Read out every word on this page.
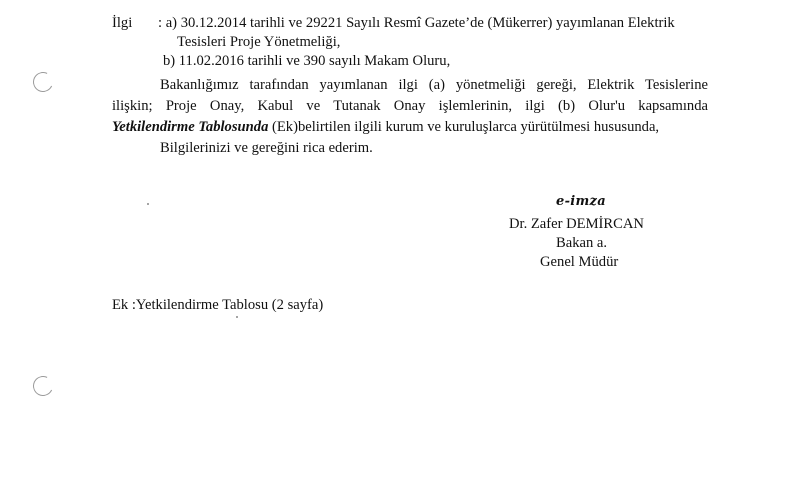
İlgi : a) 30.12.2014 tarihli ve 29221 Sayılı Resmî Gazete’de (Mükerrer) yayımlanan Elektrik
Tesisleri Proje Yönetmeliği,
b) 11.02.2016 tarihli ve 390 sayılı Makam Oluru,
Bakanlığımız tarafından yayımlanan ilgi (a) yönetmeliği gereği, Elektrik Tesislerine
ilişkin; Proje Onay, Kabul ve Tutanak Onay işlemlerinin, ilgi (b) Olur'u kapsamında
Yetkilendirme Tablosunda (Ek)belirtilen ilgili kurum ve kuruluşlarca yürütülmesi hususunda,
Bilgilerinizi ve gereğini rica ederim.
e-imza
Dr. Zafer DEMİRCAN
Bakan a.
Genel Müdür
Ek :Yetkilendirme Tablosu (2 sayfa)
